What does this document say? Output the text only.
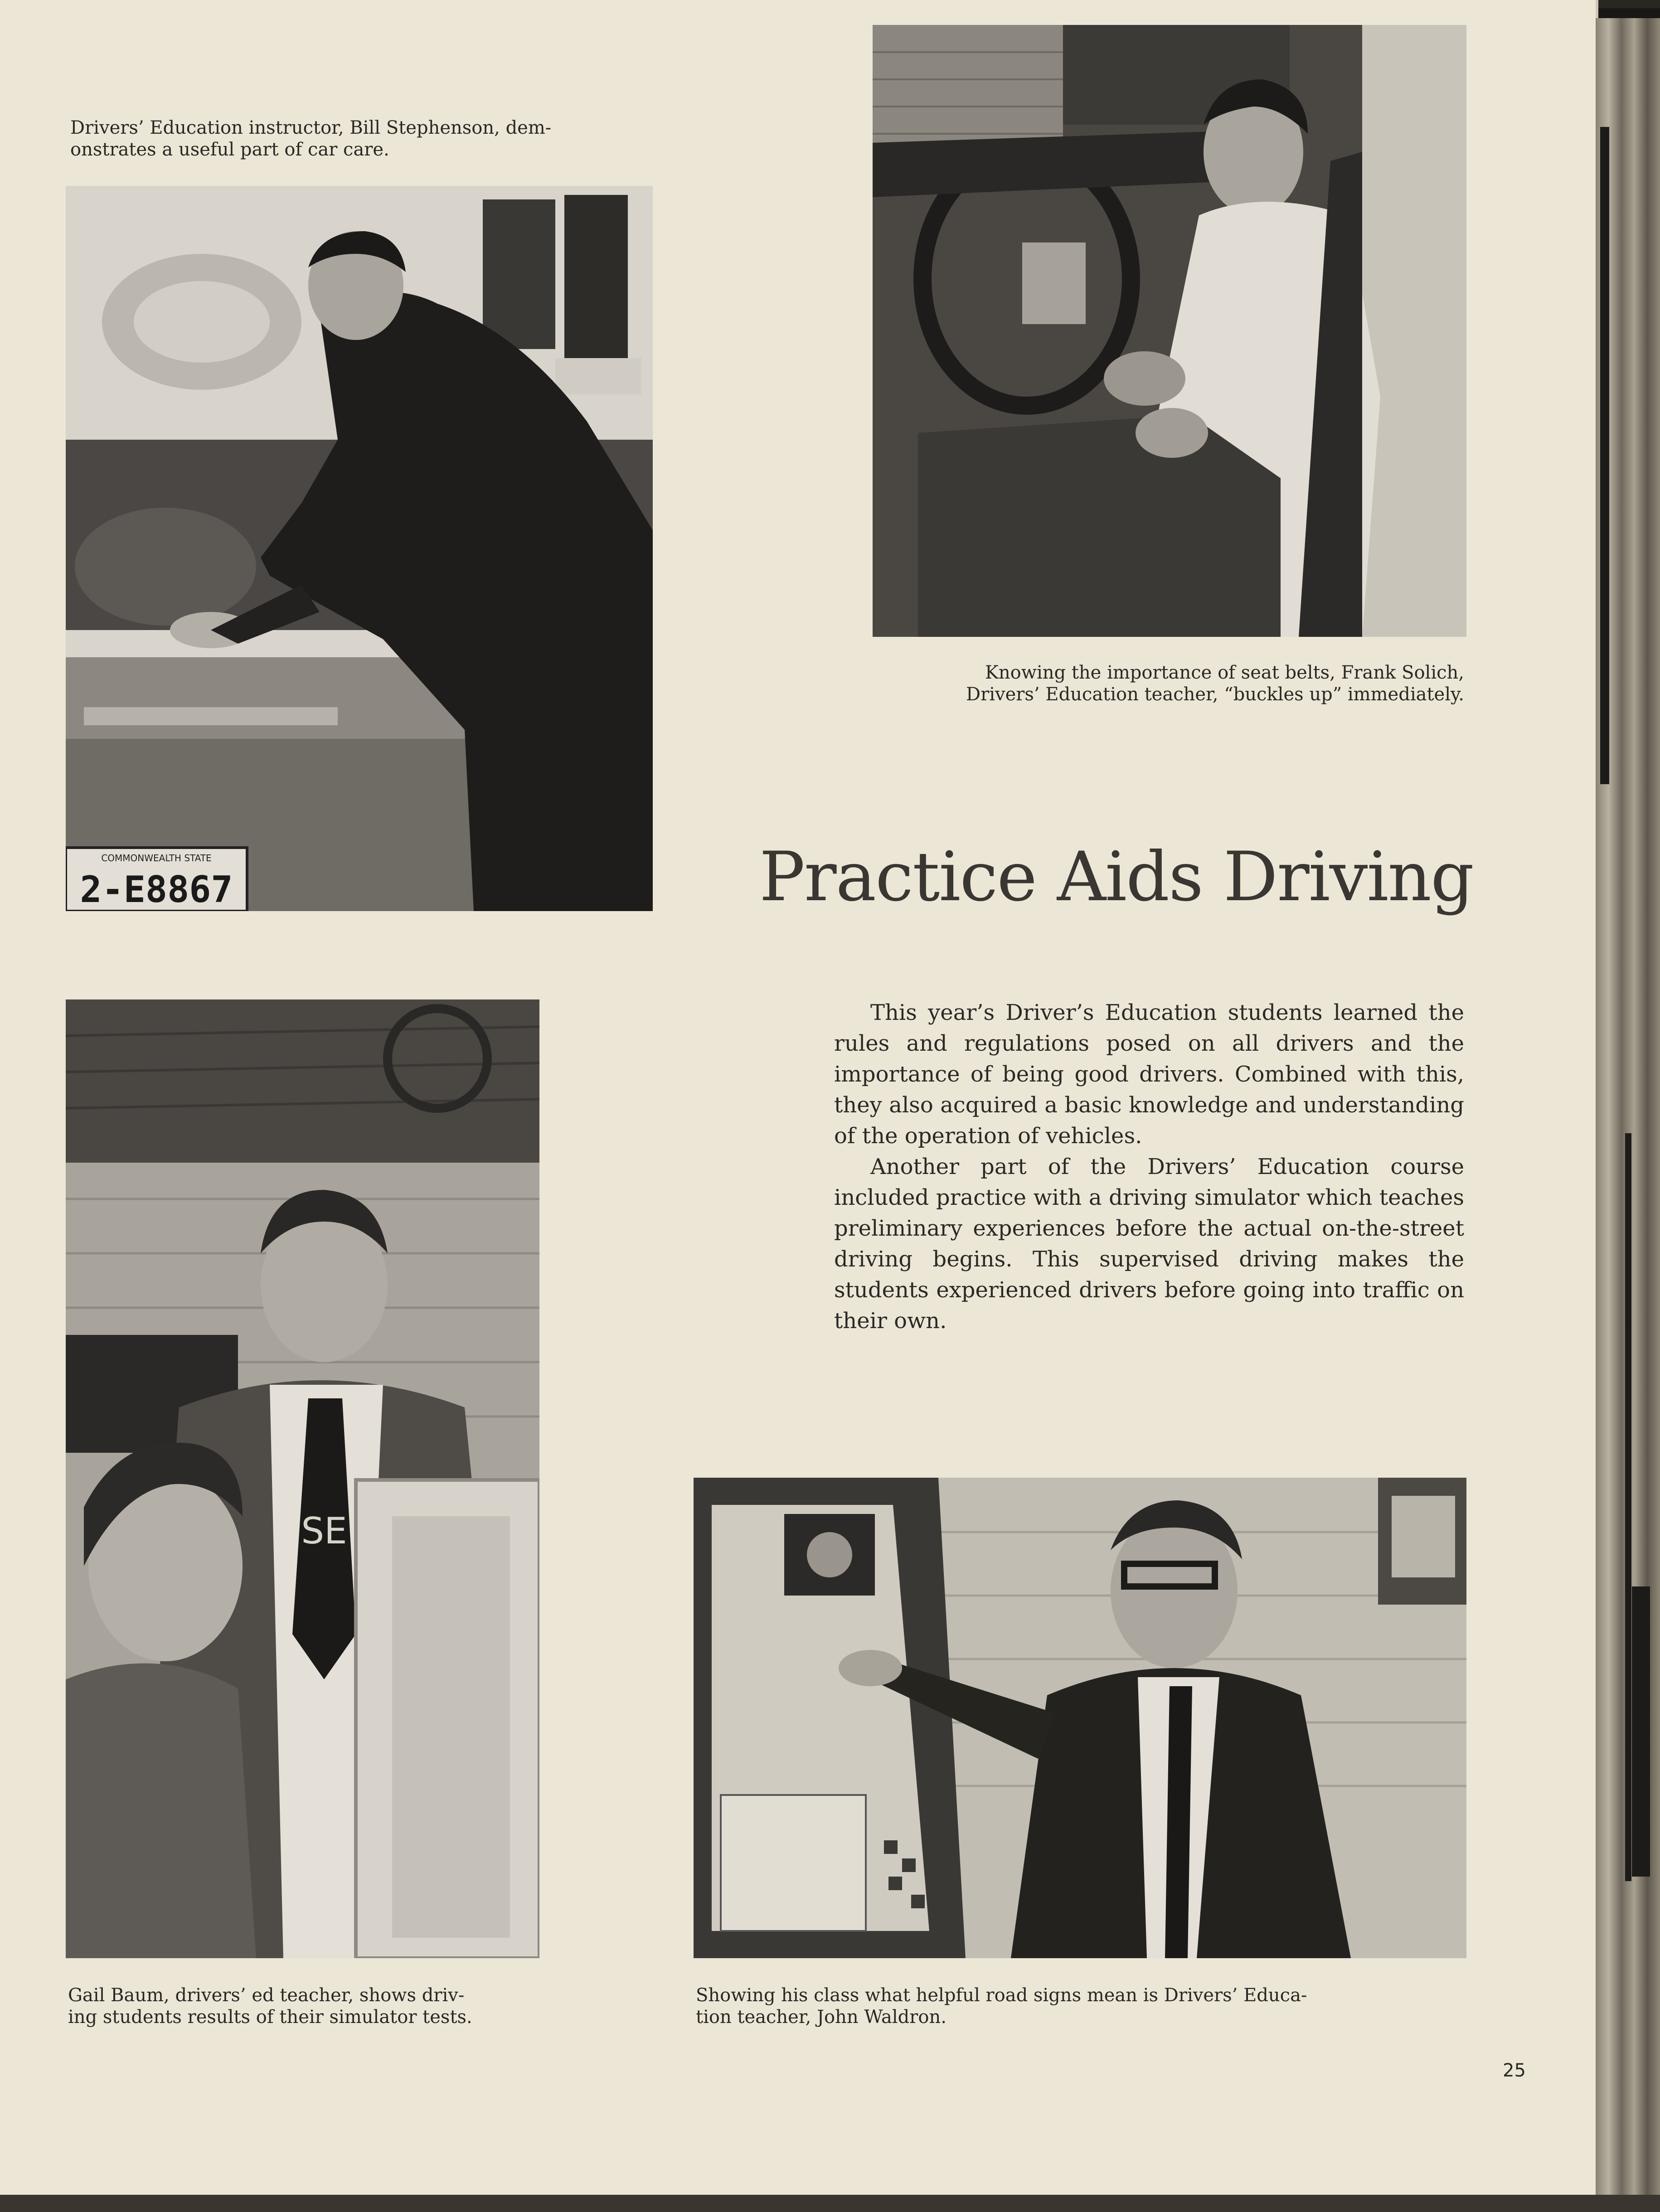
Drivers’ Education instructor, Bill Stephenson, dem-
onstrates a useful part of car care.
COMMONWEALTH STATE
2-E8867
Knowing the importance of seat belts, Frank Solich,
Drivers’ Education teacher, “buckles up” immediately.
Practice Aids Driving

This year’s Driver’s Education students learned the rules and regulations posed on all drivers and the importance of being good drivers. Combined with this, they also acquired a basic knowledge and understanding of the operation of vehicles.

Another part of the Drivers’ Education course included practice with a driving simulator which teaches preliminary experiences before the actual on-the-street driving begins. This supervised driving makes the students experienced drivers before going into traffic on their own.

SE
Gail Baum, drivers’ ed teacher, shows driv-
ing students results of their simulator tests.
Showing his class what helpful road signs mean is Drivers’ Educa-
tion teacher, John Waldron.
25
